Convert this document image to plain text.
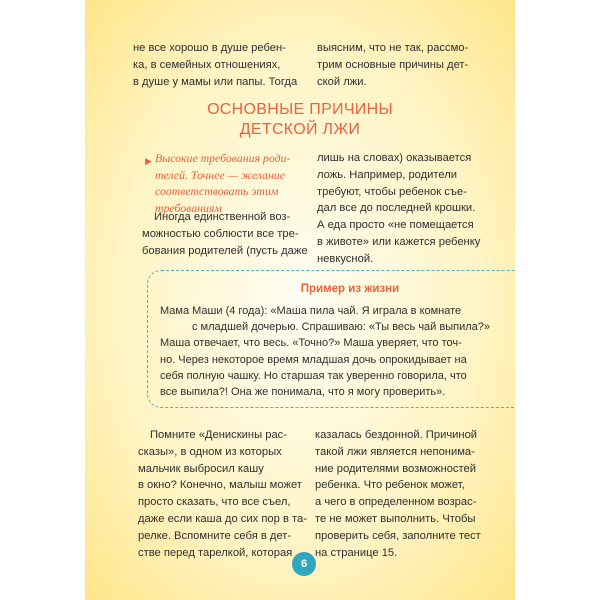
не все хорошо в душе ребен-
ка, в семейных отношениях,
в душе у мамы или папы. Тогда
выясним, что не так, рассмо-
трим основные причины дет-
ской лжи.
ОСНОВНЫЕ ПРИЧИНЫ
ДЕТСКОЙ ЛЖИ
▶ Высокие требования роди-
телей. Точнее — желание
соответствовать этим
требованиям
Иногда единственной воз-
можностью соблюсти все тре-
бования родителей (пусть даже
лишь на словах) оказывается
ложь. Например, родители
требуют, чтобы ребенок съе-
дал все до последней крошки.
А еда просто «не помещается
в животе» или кажется ребенку
невкусной.
Пример из жизни
Мама Маши (4 года): «Маша пила чай. Я играла в комнате
с младшей дочерью. Спрашиваю: «Ты весь чай выпила?»
Маша отвечает, что весь. «Точно?» Маша уверяет, что точ-
но. Через некоторое время младшая дочь опрокидывает на
себя полную чашку. Но старшая так уверенно говорила, что
все выпила?! Она же понимала, что я могу проверить».
Помните «Денискины рас-
сказы», в одном из которых
мальчик выбросил кашу
в окно? Конечно, малыш может
просто сказать, что все съел,
даже если каша до сих пор в та-
релке. Вспомните себя в дет-
стве перед тарелкой, которая
казалась бездонной. Причиной
такой лжи является непонима-
ние родителями возможностей
ребенка. Что ребенок может,
а чего в определенном возрас-
те не может выполнить. Чтобы
проверить себя, заполните тест
на странице 15.
6
